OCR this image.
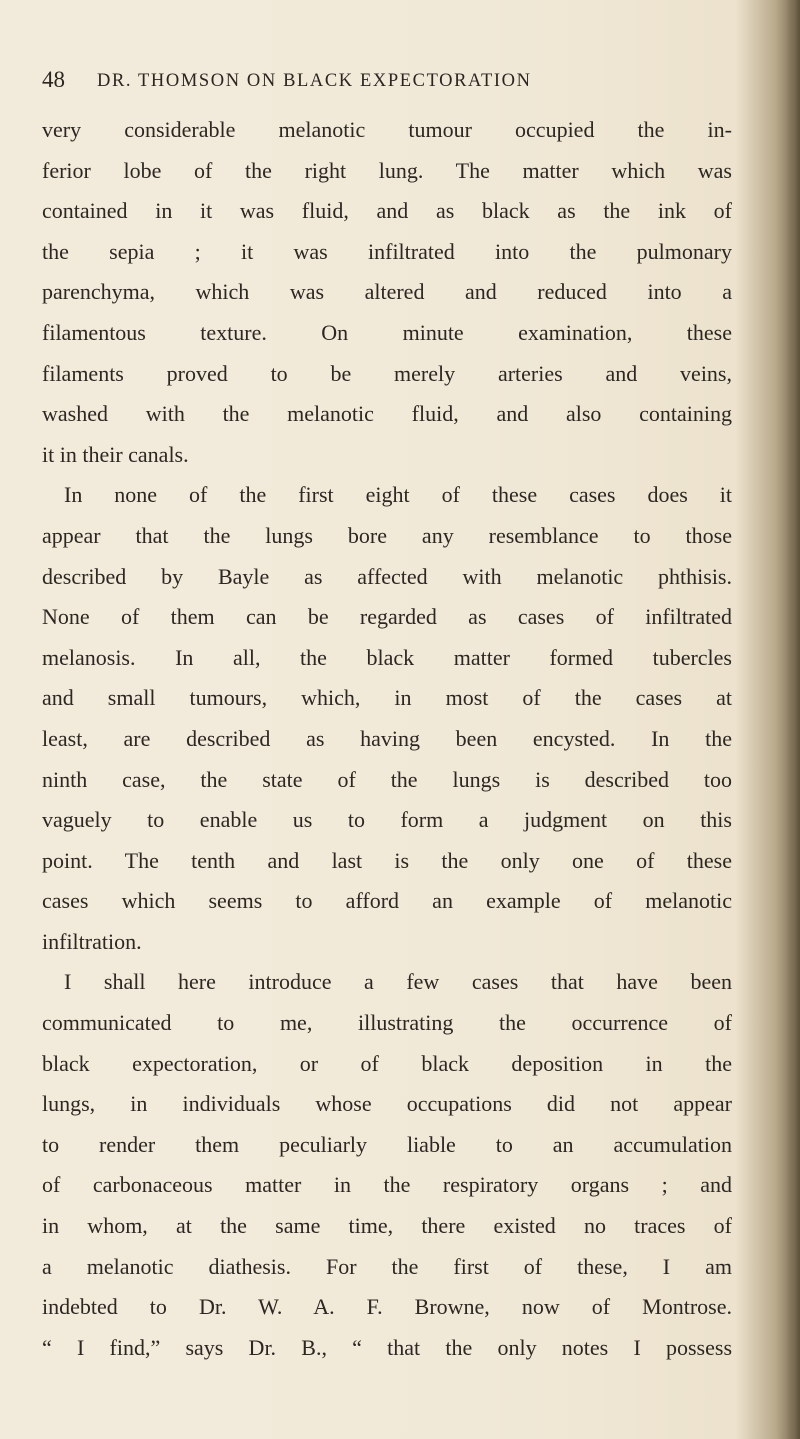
48 DR. THOMSON ON BLACK EXPECTORATION
very considerable melanotic tumour occupied the in-
ferior lobe of the right lung. The matter which was
contained in it was fluid, and as black as the ink of
the sepia ; it was infiltrated into the pulmonary
parenchyma, which was altered and reduced into a
filamentous texture. On minute examination, these
filaments proved to be merely arteries and veins,
washed with the melanotic fluid, and also containing
it in their canals.
In none of the first eight of these cases does it
appear that the lungs bore any resemblance to those
described by Bayle as affected with melanotic phthisis.
None of them can be regarded as cases of infiltrated
melanosis. In all, the black matter formed tubercles
and small tumours, which, in most of the cases at
least, are described as having been encysted. In the
ninth case, the state of the lungs is described too
vaguely to enable us to form a judgment on this
point. The tenth and last is the only one of these
cases which seems to afford an example of melanotic
infiltration.
I shall here introduce a few cases that have been
communicated to me, illustrating the occurrence of
black expectoration, or of black deposition in the
lungs, in individuals whose occupations did not appear
to render them peculiarly liable to an accumulation
of carbonaceous matter in the respiratory organs ; and
in whom, at the same time, there existed no traces of
a melanotic diathesis. For the first of these, I am
indebted to Dr. W. A. F. Browne, now of Montrose.
“ I find,” says Dr. B., “ that the only notes I possess
